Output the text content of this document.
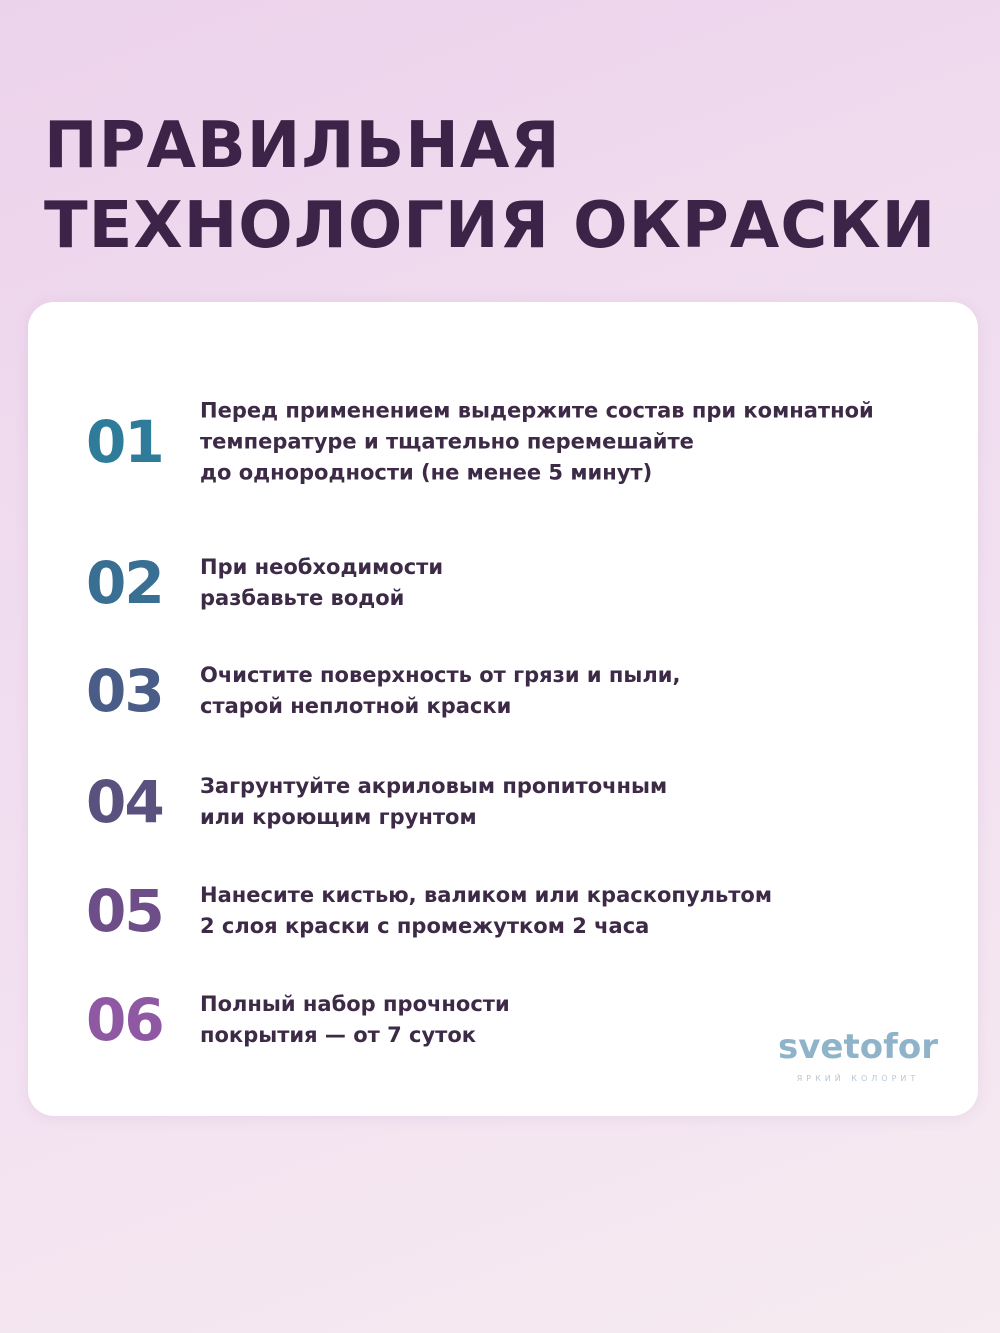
ПРАВИЛЬНАЯ
ТЕХНОЛОГИЯ ОКРАСКИ
01 Перед применением выдержите состав при комнатной
температуре и тщательно перемешайте
до однородности (не менее 5 минут)
02 При необходимости
разбавьте водой
03 Очистите поверхность от грязи и пыли,
старой неплотной краски
04 Загрунтуйте акриловым пропиточным
или кроющим грунтом
05 Нанесите кистью, валиком или краскопультом
2 слоя краски с промежутком 2 часа
06 Полный набор прочности
покрытия — от 7 суток	svetofor
ЯРКИЙ КОЛОРИТ
